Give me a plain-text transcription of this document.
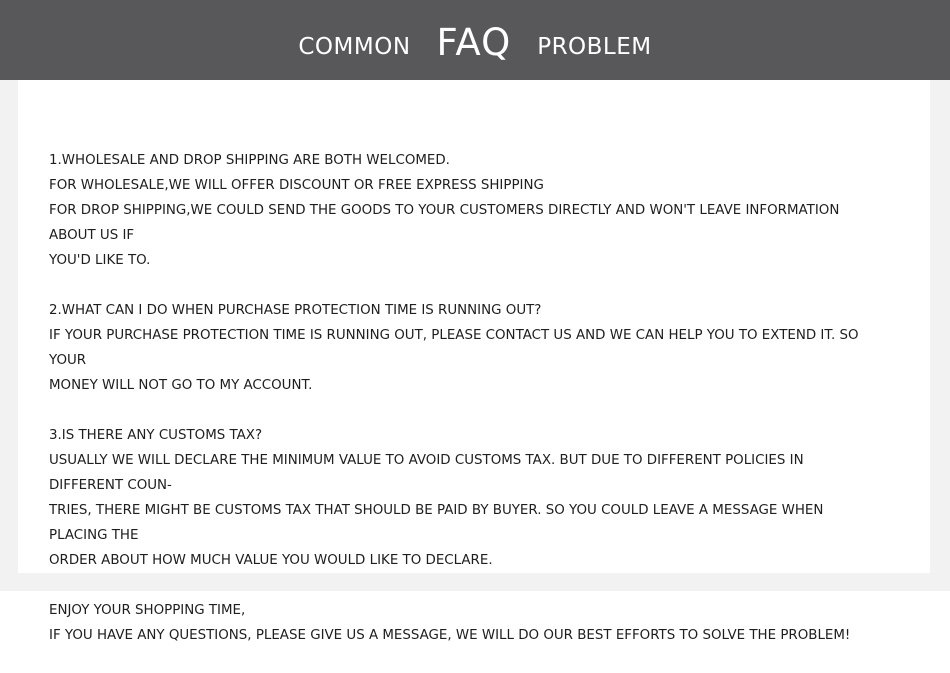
COMMON FAQ PROBLEM

1.WHOLESALE AND DROP SHIPPING ARE BOTH WELCOMED.
FOR WHOLESALE,WE WILL OFFER DISCOUNT OR FREE EXPRESS SHIPPING
FOR DROP SHIPPING,WE COULD SEND THE GOODS TO YOUR CUSTOMERS DIRECTLY AND WON'T LEAVE INFORMATION ABOUT US IF
YOU'D LIKE TO.

2.WHAT CAN I DO WHEN PURCHASE PROTECTION TIME IS RUNNING OUT?
IF YOUR PURCHASE PROTECTION TIME IS RUNNING OUT, PLEASE CONTACT US AND WE CAN HELP YOU TO EXTEND IT. SO YOUR
MONEY WILL NOT GO TO MY ACCOUNT.

3.IS THERE ANY CUSTOMS TAX?
USUALLY WE WILL DECLARE THE MINIMUM VALUE TO AVOID CUSTOMS TAX. BUT DUE TO DIFFERENT POLICIES IN DIFFERENT COUN-
TRIES, THERE MIGHT BE CUSTOMS TAX THAT SHOULD BE PAID BY BUYER. SO YOU COULD LEAVE A MESSAGE WHEN PLACING THE
ORDER ABOUT HOW MUCH VALUE YOU WOULD LIKE TO DECLARE.

ENJOY YOUR SHOPPING TIME,
IF YOU HAVE ANY QUESTIONS, PLEASE GIVE US A MESSAGE, WE WILL DO OUR BEST EFFORTS TO SOLVE THE PROBLEM!
